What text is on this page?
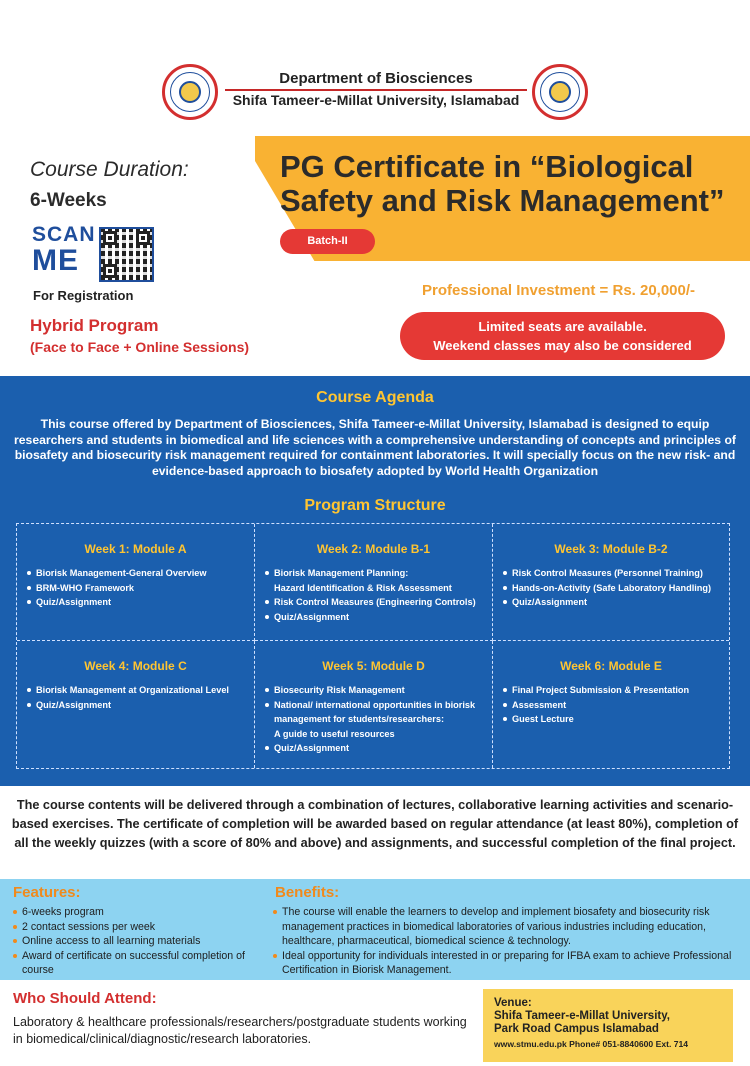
Department of Biosciences
Shifa Tameer-e-Millat University, Islamabad
PG Certificate in “Biological
Safety and Risk Management”
Batch-II
Course Duration:
6-Weeks
SCAN
ME
For Registration
Hybrid Program
(Face to Face + Online Sessions)
Professional Investment = Rs. 20,000/-
Limited seats are available.
Weekend classes may also be considered
Course Agenda
This course offered by Department of Biosciences, Shifa Tameer-e-Millat University, Islamabad is designed to equip researchers and students in biomedical and life sciences with a comprehensive understanding of concepts and principles of biosafety and biosecurity risk management required for containment laboratories. It will specially focus on the new risk- and evidence-based approach to biosafety adopted by World Health Organization
Program Structure
Week 1: Module A
Biorisk Management-General Overview
BRM-WHO Framework
Quiz/Assignment
Week 2: Module B-1
Biorisk Management Planning:
Hazard Identification & Risk Assessment
Risk Control Measures (Engineering Controls)
Quiz/Assignment
Week 3: Module B-2
Risk Control Measures (Personnel Training)
Hands-on-Activity (Safe Laboratory Handling)
Quiz/Assignment
Week 4: Module C
Biorisk Management at Organizational Level
Quiz/Assignment
Week 5: Module D
Biosecurity Risk Management
National/ international opportunities in biorisk
management for students/researchers:
A guide to useful resources
Quiz/Assignment
Week 6: Module E
Final Project Submission & Presentation
Assessment
Guest Lecture
The course contents will be delivered through a combination of lectures, collaborative learning activities and scenario-based exercises. The certificate of completion will be awarded based on regular attendance (at least 80%), completion of all the weekly quizzes (with a score of 80% and above) and assignments, and successful completion of the final project.
Features:
6-weeks program
2 contact sessions per week
Online access to all learning materials
Award of certificate on successful completion of course
Benefits:
The course will enable the learners to develop and implement biosafety and biosecurity risk management practices in biomedical laboratories of various industries including education, healthcare, pharmaceutical, biomedical science & technology.
Ideal opportunity for individuals interested in or preparing for IFBA exam to achieve Professional Certification in Biorisk Management.
Who Should Attend:
Laboratory & healthcare professionals/researchers/postgraduate students working in biomedical/clinical/diagnostic/research laboratories.
Venue:
Shifa Tameer-e-Millat University,
Park Road Campus Islamabad
www.stmu.edu.pk Phone# 051-8840600 Ext. 714
